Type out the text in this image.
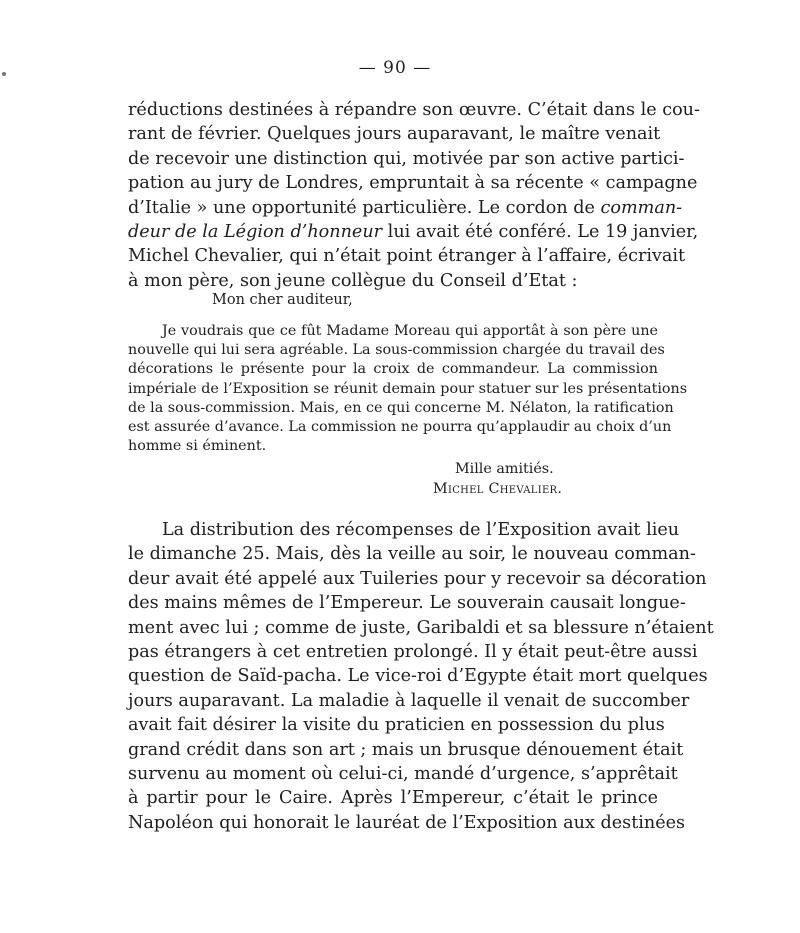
— 90 —
réductions destinées à répandre son œuvre. C’était dans le cou-
rant de février. Quelques jours auparavant, le maître venait
de recevoir une distinction qui, motivée par son active partici-
pation au jury de Londres, empruntait à sa récente « campagne
d’Italie » une opportunité particulière. Le cordon de comman-
deur de la Légion d’honneur lui avait été conféré. Le 19 janvier,
Michel Chevalier, qui n’était point étranger à l’affaire, écrivait
à mon père, son jeune collègue du Conseil d’Etat :
Mon cher auditeur,
Je voudrais que ce fût Madame Moreau qui apportât à son père une
nouvelle qui lui sera agréable. La sous-commission chargée du travail des
décorations le présente pour la croix de commandeur. La commission
impériale de l’Exposition se réunit demain pour statuer sur les présentations
de la sous-commission. Mais, en ce qui concerne M. Nélaton, la ratification
est assurée d’avance. La commission ne pourra qu’applaudir au choix d’un
homme si éminent.
Mille amitiés.
Michel Chevalier.
La distribution des récompenses de l’Exposition avait lieu
le dimanche 25. Mais, dès la veille au soir, le nouveau comman-
deur avait été appelé aux Tuileries pour y recevoir sa décoration
des mains mêmes de l’Empereur. Le souverain causait longue-
ment avec lui ; comme de juste, Garibaldi et sa blessure n’étaient
pas étrangers à cet entretien prolongé. Il y était peut-être aussi
question de Saïd-pacha. Le vice-roi d’Egypte était mort quelques
jours auparavant. La maladie à laquelle il venait de succomber
avait fait désirer la visite du praticien en possession du plus
grand crédit dans son art ; mais un brusque dénouement était
survenu au moment où celui-ci, mandé d’urgence, s’apprêtait
à partir pour le Caire. Après l’Empereur, c’était le prince
Napoléon qui honorait le lauréat de l’Exposition aux destinées
